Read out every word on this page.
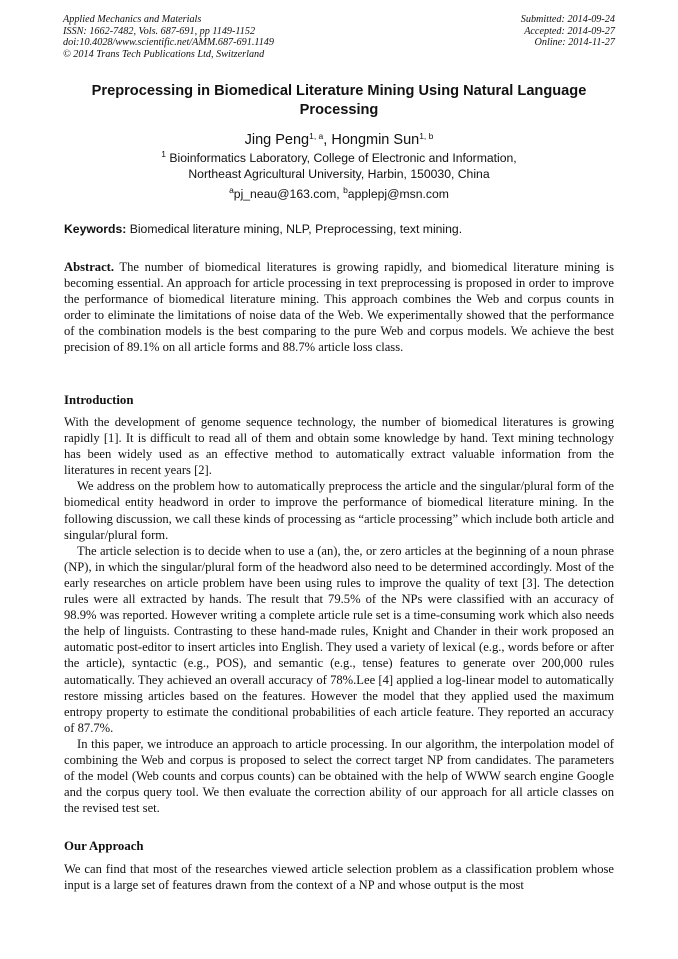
Applied Mechanics and Materials
ISSN: 1662-7482, Vols. 687-691, pp 1149-1152
doi:10.4028/www.scientific.net/AMM.687-691.1149
© 2014 Trans Tech Publications Ltd, Switzerland
Submitted: 2014-09-24
Accepted: 2014-09-27
Online: 2014-11-27
Preprocessing in Biomedical Literature Mining Using Natural Language Processing
Jing Peng$^{1, a}$, Hongmin Sun$^{1, b}$
$^1$ Bioinformatics Laboratory, College of Electronic and Information,
Northeast Agricultural University, Harbin, 150030, China
$^a$pj_neau@163.com, $^b$applepj@msn.com
Keywords: Biomedical literature mining, NLP, Preprocessing, text mining.

Abstract. The number of biomedical literatures is growing rapidly, and biomedical literature mining is becoming essential. An approach for article processing in text preprocessing is proposed in order to improve the performance of biomedical literature mining. This approach combines the Web and corpus counts in order to eliminate the limitations of noise data of the Web. We experimentally showed that the performance of the combination models is the best comparing to the pure Web and corpus models. We achieve the best precision of 89.1% on all article forms and 88.7% article loss class.

Introduction

With the development of genome sequence technology, the number of biomedical literatures is growing rapidly [1]. It is difficult to read all of them and obtain some knowledge by hand. Text mining technology has been widely used as an effective method to automatically extract valuable information from the literatures in recent years [2].

We address on the problem how to automatically preprocess the article and the singular/plural form of the biomedical entity headword in order to improve the performance of biomedical literature mining. In the following discussion, we call these kinds of processing as “article processing” which include both article and singular/plural form.

The article selection is to decide when to use a (an), the, or zero articles at the beginning of a noun phrase (NP), in which the singular/plural form of the headword also need to be determined accordingly. Most of the early researches on article problem have been using rules to improve the quality of text [3]. The detection rules were all extracted by hands. The result that 79.5% of the NPs were classified with an accuracy of 98.9% was reported. However writing a complete article rule set is a time-consuming work which also needs the help of linguists. Contrasting to these hand-made rules, Knight and Chander in their work proposed an automatic post-editor to insert articles into English. They used a variety of lexical (e.g., words before or after the article), syntactic (e.g., POS), and semantic (e.g., tense) features to generate over 200,000 rules automatically. They achieved an overall accuracy of 78%.Lee [4] applied a log-linear model to automatically restore missing articles based on the features. However the model that they applied used the maximum entropy property to estimate the conditional probabilities of each article feature. They reported an accuracy of 87.7%.

In this paper, we introduce an approach to article processing. In our algorithm, the interpolation model of combining the Web and corpus is proposed to select the correct target NP from candidates. The parameters of the model (Web counts and corpus counts) can be obtained with the help of WWW search engine Google and the corpus query tool. We then evaluate the correction ability of our approach for all article classes on the revised test set.

Our Approach

We can find that most of the researches viewed article selection problem as a classification problem whose input is a large set of features drawn from the context of a NP and whose output is the most
